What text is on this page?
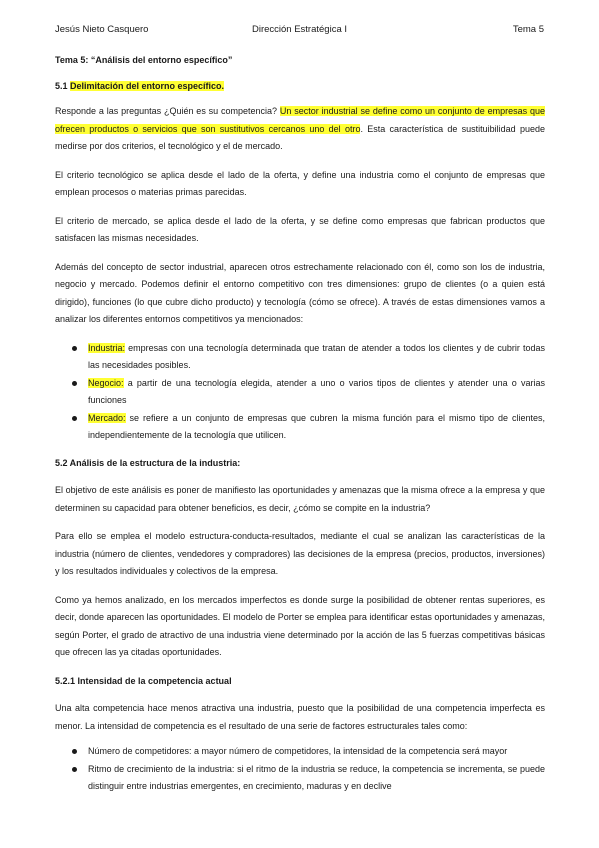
Jesús Nieto Casquero	Dirección Estratégica I	Tema 5

Tema 5: “Análisis del entorno específico”

5.1 Delimitación del entorno específico.

Responde a las preguntas ¿Quién es su competencia? Un sector industrial se define como un conjunto de empresas que ofrecen productos o servicios que son sustitutivos cercanos uno del otro. Esta característica de sustituibilidad puede medirse por dos criterios, el tecnológico y el de mercado.

El criterio tecnológico se aplica desde el lado de la oferta, y define una industria como el conjunto de empresas que emplean procesos o materias primas parecidas.

El criterio de mercado, se aplica desde el lado de la oferta, y se define como empresas que fabrican productos que satisfacen las mismas necesidades.

Además del concepto de sector industrial, aparecen otros estrechamente relacionado con él, como son los de industria, negocio y mercado. Podemos definir el entorno competitivo con tres dimensiones: grupo de clientes (o a quien está dirigido), funciones (lo que cubre dicho producto) y tecnología (cómo se ofrece). A través de estas dimensiones vamos a analizar los diferentes entornos competitivos ya mencionados:

Industria: empresas con una tecnología determinada que tratan de atender a todos los clientes y de cubrir todas las necesidades posibles.
Negocio: a partir de una tecnología elegida, atender a uno o varios tipos de clientes y atender una o varias funciones
Mercado: se refiere a un conjunto de empresas que cubren la misma función para el mismo tipo de clientes, independientemente de la tecnología que utilicen.

5.2 Análisis de la estructura de la industria:

El objetivo de este análisis es poner de manifiesto las oportunidades y amenazas que la misma ofrece a la empresa y que determinen su capacidad para obtener beneficios, es decir, ¿cómo se compite en la industria?

Para ello se emplea el modelo estructura-conducta-resultados, mediante el cual se analizan las características de la industria (número de clientes, vendedores y compradores) las decisiones de la empresa (precios, productos, inversiones) y los resultados individuales y colectivos de la empresa.

Como ya hemos analizado, en los mercados imperfectos es donde surge la posibilidad de obtener rentas superiores, es decir, donde aparecen las oportunidades. El modelo de Porter se emplea para identificar estas oportunidades y amenazas, según Porter, el grado de atractivo de una industria viene determinado por la acción de las 5 fuerzas competitivas básicas que ofrecen las ya citadas oportunidades.

5.2.1 Intensidad de la competencia actual

Una alta competencia hace menos atractiva una industria, puesto que la posibilidad de una competencia imperfecta es menor. La intensidad de competencia es el resultado de una serie de factores estructurales tales como:

Número de competidores: a mayor número de competidores, la intensidad de la competencia será mayor
Ritmo de crecimiento de la industria: si el ritmo de la industria se reduce, la competencia se incrementa, se puede distinguir entre industrias emergentes, en crecimiento, maduras y en declive
